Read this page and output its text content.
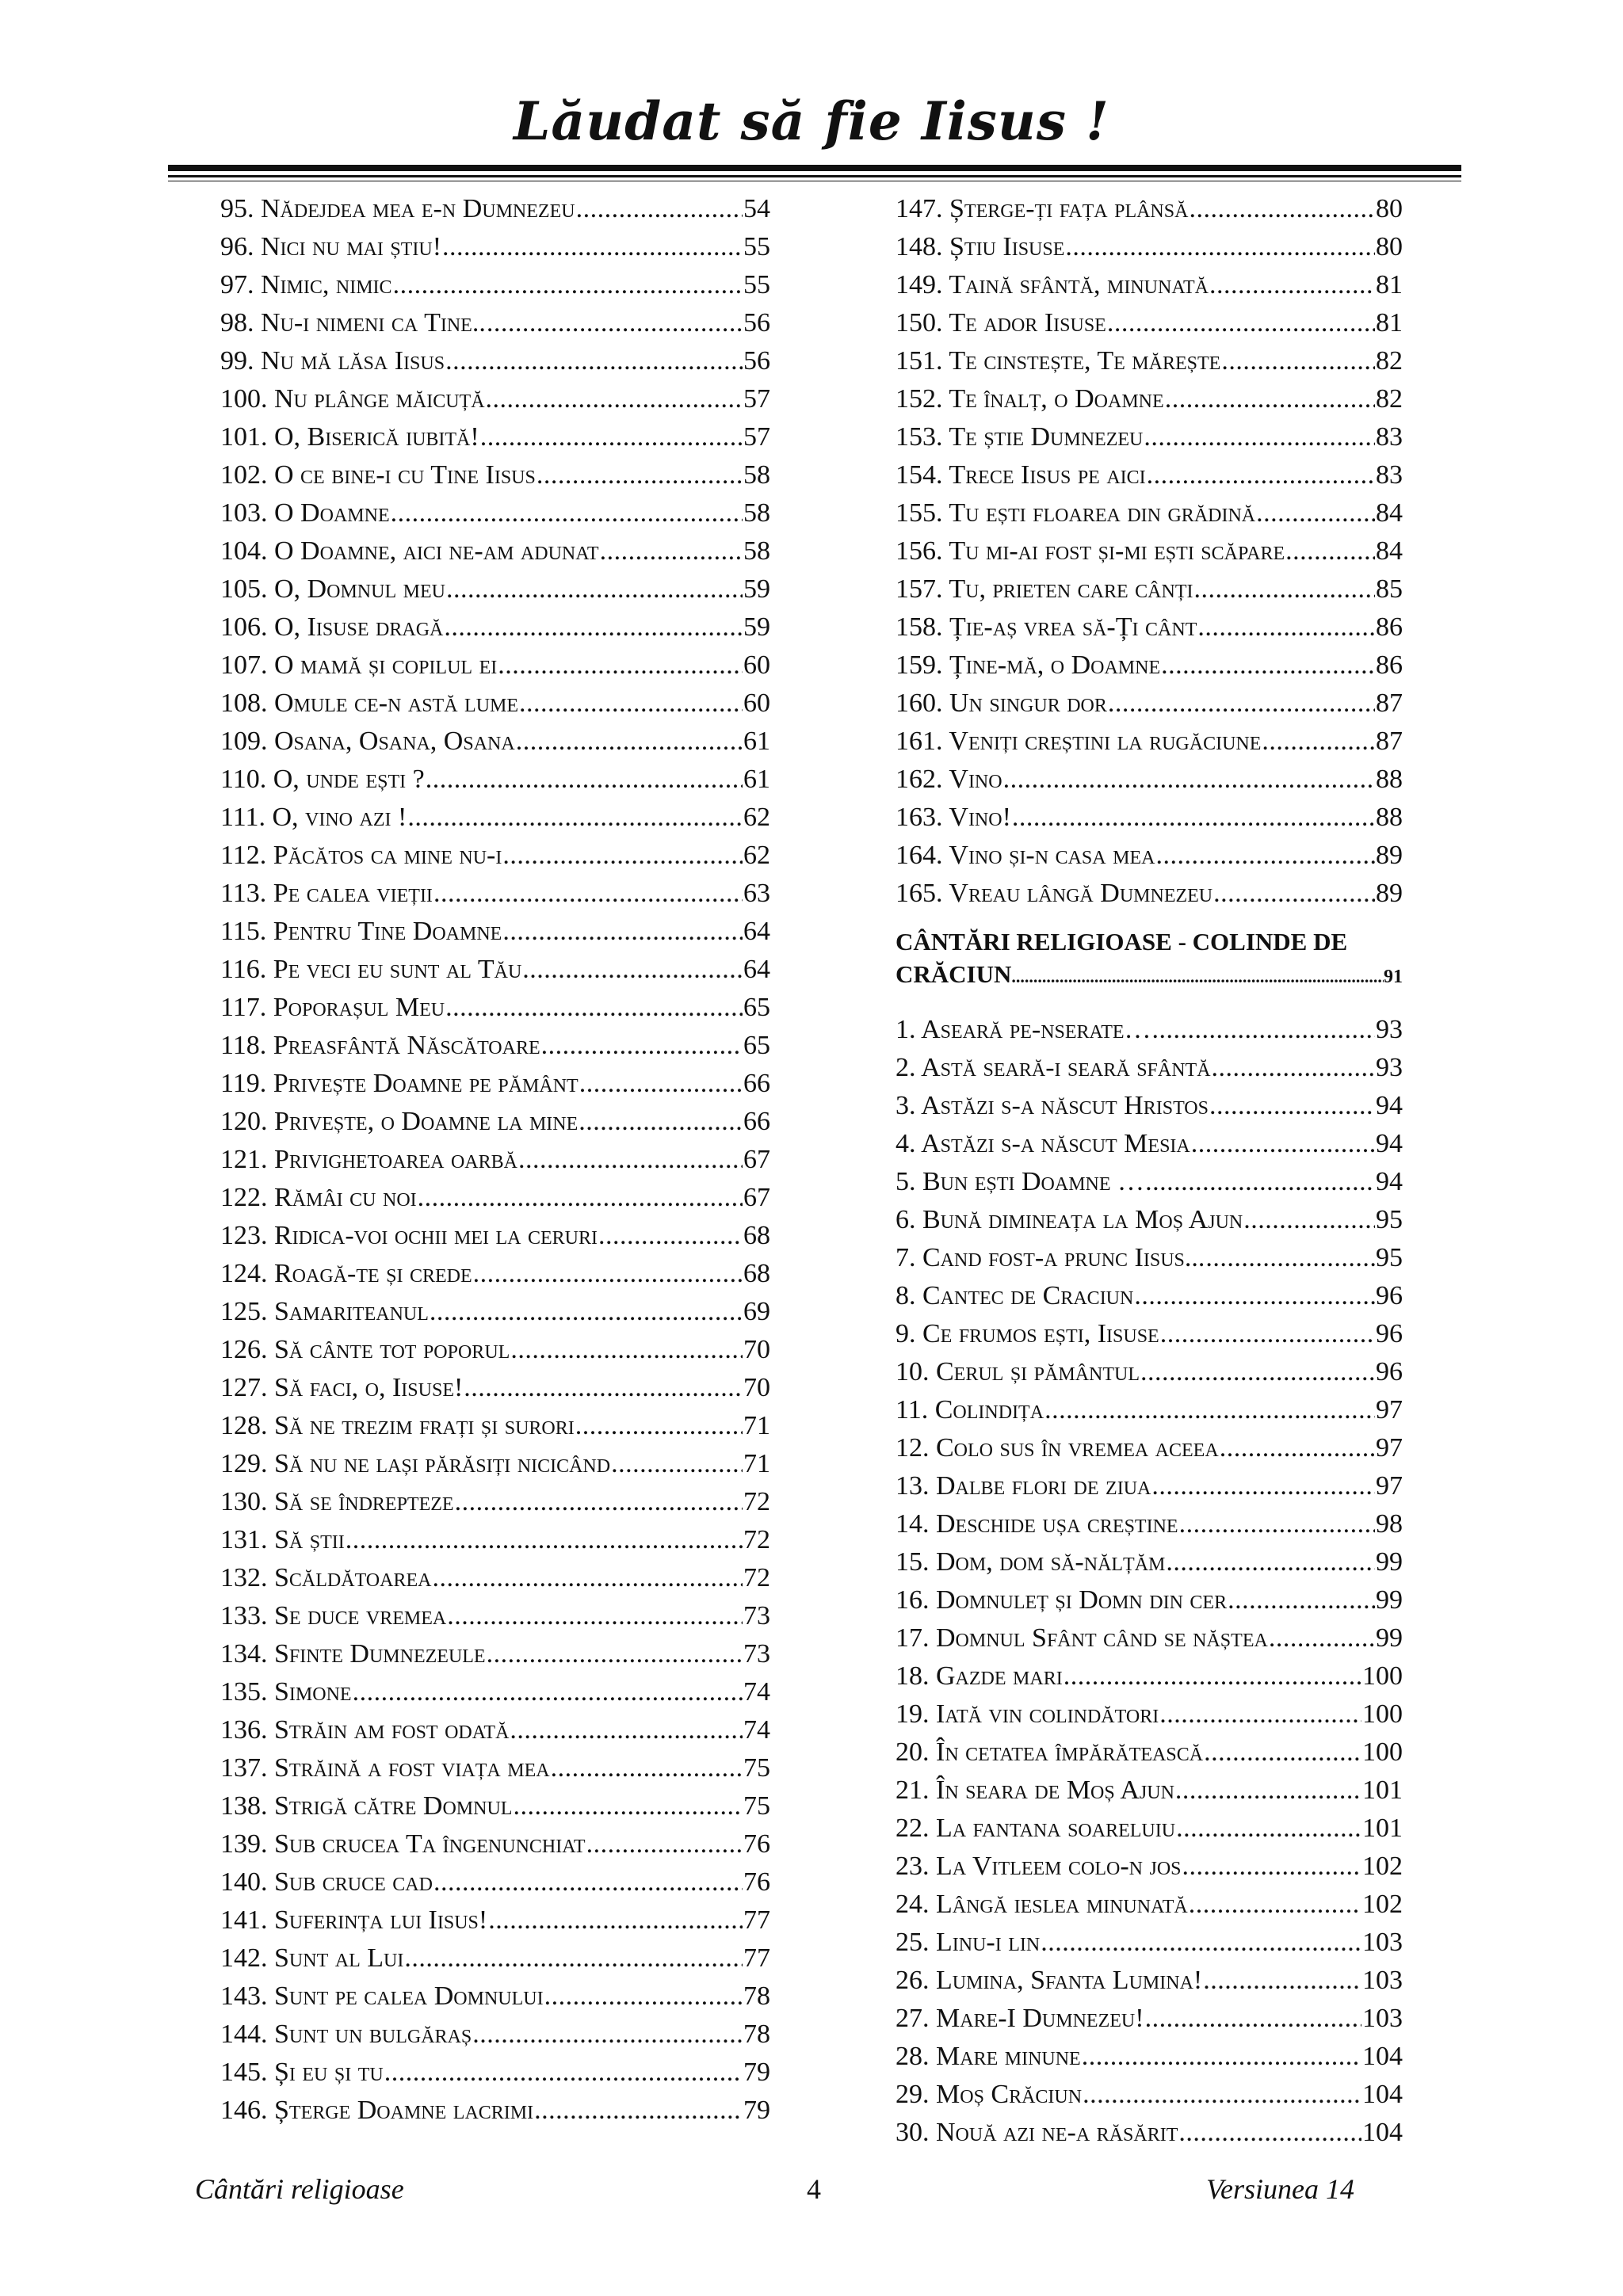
Lăudat să fie Iisus !
95. Nădejdea mea e-n Dumnezeu .....	54
96. Nici nu mai știu! .....	55
97. Nimic, nimic .....	55
98. Nu-i nimeni ca Tine.. .....	56
99. Nu mă lăsa Iisus .....	56
100. Nu plânge măicuță .....	57
101. O, Biserică iubită! .....	57
102. O ce bine-i cu Tine Iisus .....	58
103. O Doamne .....	58
104. O Doamne, aici ne-am adunat .....	58
105. O, Domnul meu .....	59
106. O, Iisuse dragă .....	59
107. O mamă și copilul ei .....	60
108. Omule ce-n astă lume .....	60
109. Osana, Osana, Osana .....	61
110. O, unde ești ? .....	61
111. O, vino azi ! .....	62
112. Păcătos ca mine nu-i .....	62
113. Pe calea vieții .....	63
115. Pentru Tine Doamne .....	64
116. Pe veci eu sunt al Tău .....	64
117. Poporașul Meu .....	65
118. Preasfântă Născătoare .....	65
119. Privește Doamne pe pământ .....	66
120. Privește, o Doamne la mine .....	66
121. Privighetoarea oarbă .....	67
122. Rămâi cu noi .....	67
123. Ridica-voi ochii mei la ceruri .....	68
124. Roagă-te și crede .....	68
125. Samariteanul .....	69
126. Să cânte tot poporul .....	70
127. Să faci, o, Iisuse! .....	70
128. Să ne trezim frați și surori .....	71
129. Să nu ne lași părăsiți nicicând .....	71
130. Să se îndrepteze .....	72
131. Să știi .....	72
132. Scăldătoarea .....	72
133. Se duce vremea .....	73
134. Sfinte Dumnezeule .....	73
135. Simone .....	74
136. Străin am fost odată .....	74
137. Străină a fost viața mea .....	75
138. Strigă către Domnul .....	75
139. Sub crucea Ta îngenunchiat .....	76
140. Sub cruce cad .....	76
141. Suferința lui Iisus! .....	77
142. Sunt al Lui .....	77
143. Sunt pe calea Domnului .....	78
144. Sunt un bulgăraș .....	78
145. Și eu și tu .....	79
146. Șterge Doamne lacrimi .....	79
147. Șterge-ți fața plânsă .....	80
148. Știu Iisuse .....	80
149. Taină sfântă, minunată .....	81
150. Te ador Iisuse .....	81
151. Te cinstește, Te mărește .....	82
152. Te înalț, o Doamne .....	82
153. Te știe Dumnezeu .....	83
154. Trece Iisus pe aici .....	83
155. Tu ești floarea din grădină .....	84
156. Tu mi-ai fost și-mi ești scăpare .....	84
157. Tu, prieten care cânți .....	85
158. Ție-aș vrea să-Ți cânt .....	86
159. Ține-mă, o Doamne .....	86
160. Un singur dor .....	87
161. Veniți creștini la rugăciune .....	87
162. Vino .....	88
163. Vino! .....	88
164. Vino și-n casa mea .....	89
165. Vreau lângă Dumnezeu .....	89
CÂNTĂRI RELIGIOASE - COLINDE DE
CRĂCIUN .....	91
1. Aseară pe-nserate… .....	93
2. Astă seară-i seară sfântă .....	93
3. Astăzi s-a născut Hristos .....	94
4. Astăzi s-a născut Mesia .....	94
5. Bun ești Doamne … .....	94
6. Bună dimineața la Moș Ajun .....	95
7. Cand fost-a prunc Iisus... .....	95
8. Cantec de Craciun .....	96
9. Ce frumos ești, Iisuse .....	96
10. Cerul și pământul .....	96
11. Colindița .....	97
12. Colo sus în vremea aceea .....	97
13. Dalbe flori de ziua .....	97
14. Deschide ușa creștine .....	98
15. Dom, dom să-nălțăm .....	99
16. Domnuleț și Domn din cer .....	99
17. Domnul Sfânt când se năștea .....	99
18. Gazde mari .....	100
19. Iată vin colindători .....	100
20. În cetatea împărătească .....	100
21. În seara de Moș Ajun .....	101
22. La fantana soareluiu .....	101
23. La Vitleem colo-n jos .....	102
24. Lângă ieslea minunată .....	102
25. Linu-i lin .....	103
26. Lumina, Sfanta Lumina! .....	103
27. Mare-I Dumnezeu! .....	103
28. Mare minune .....	104
29. Moș Crăciun .....	104
30. Nouă azi ne-a răsărit .....	104
Cântări religioase	4	Versiunea 14
